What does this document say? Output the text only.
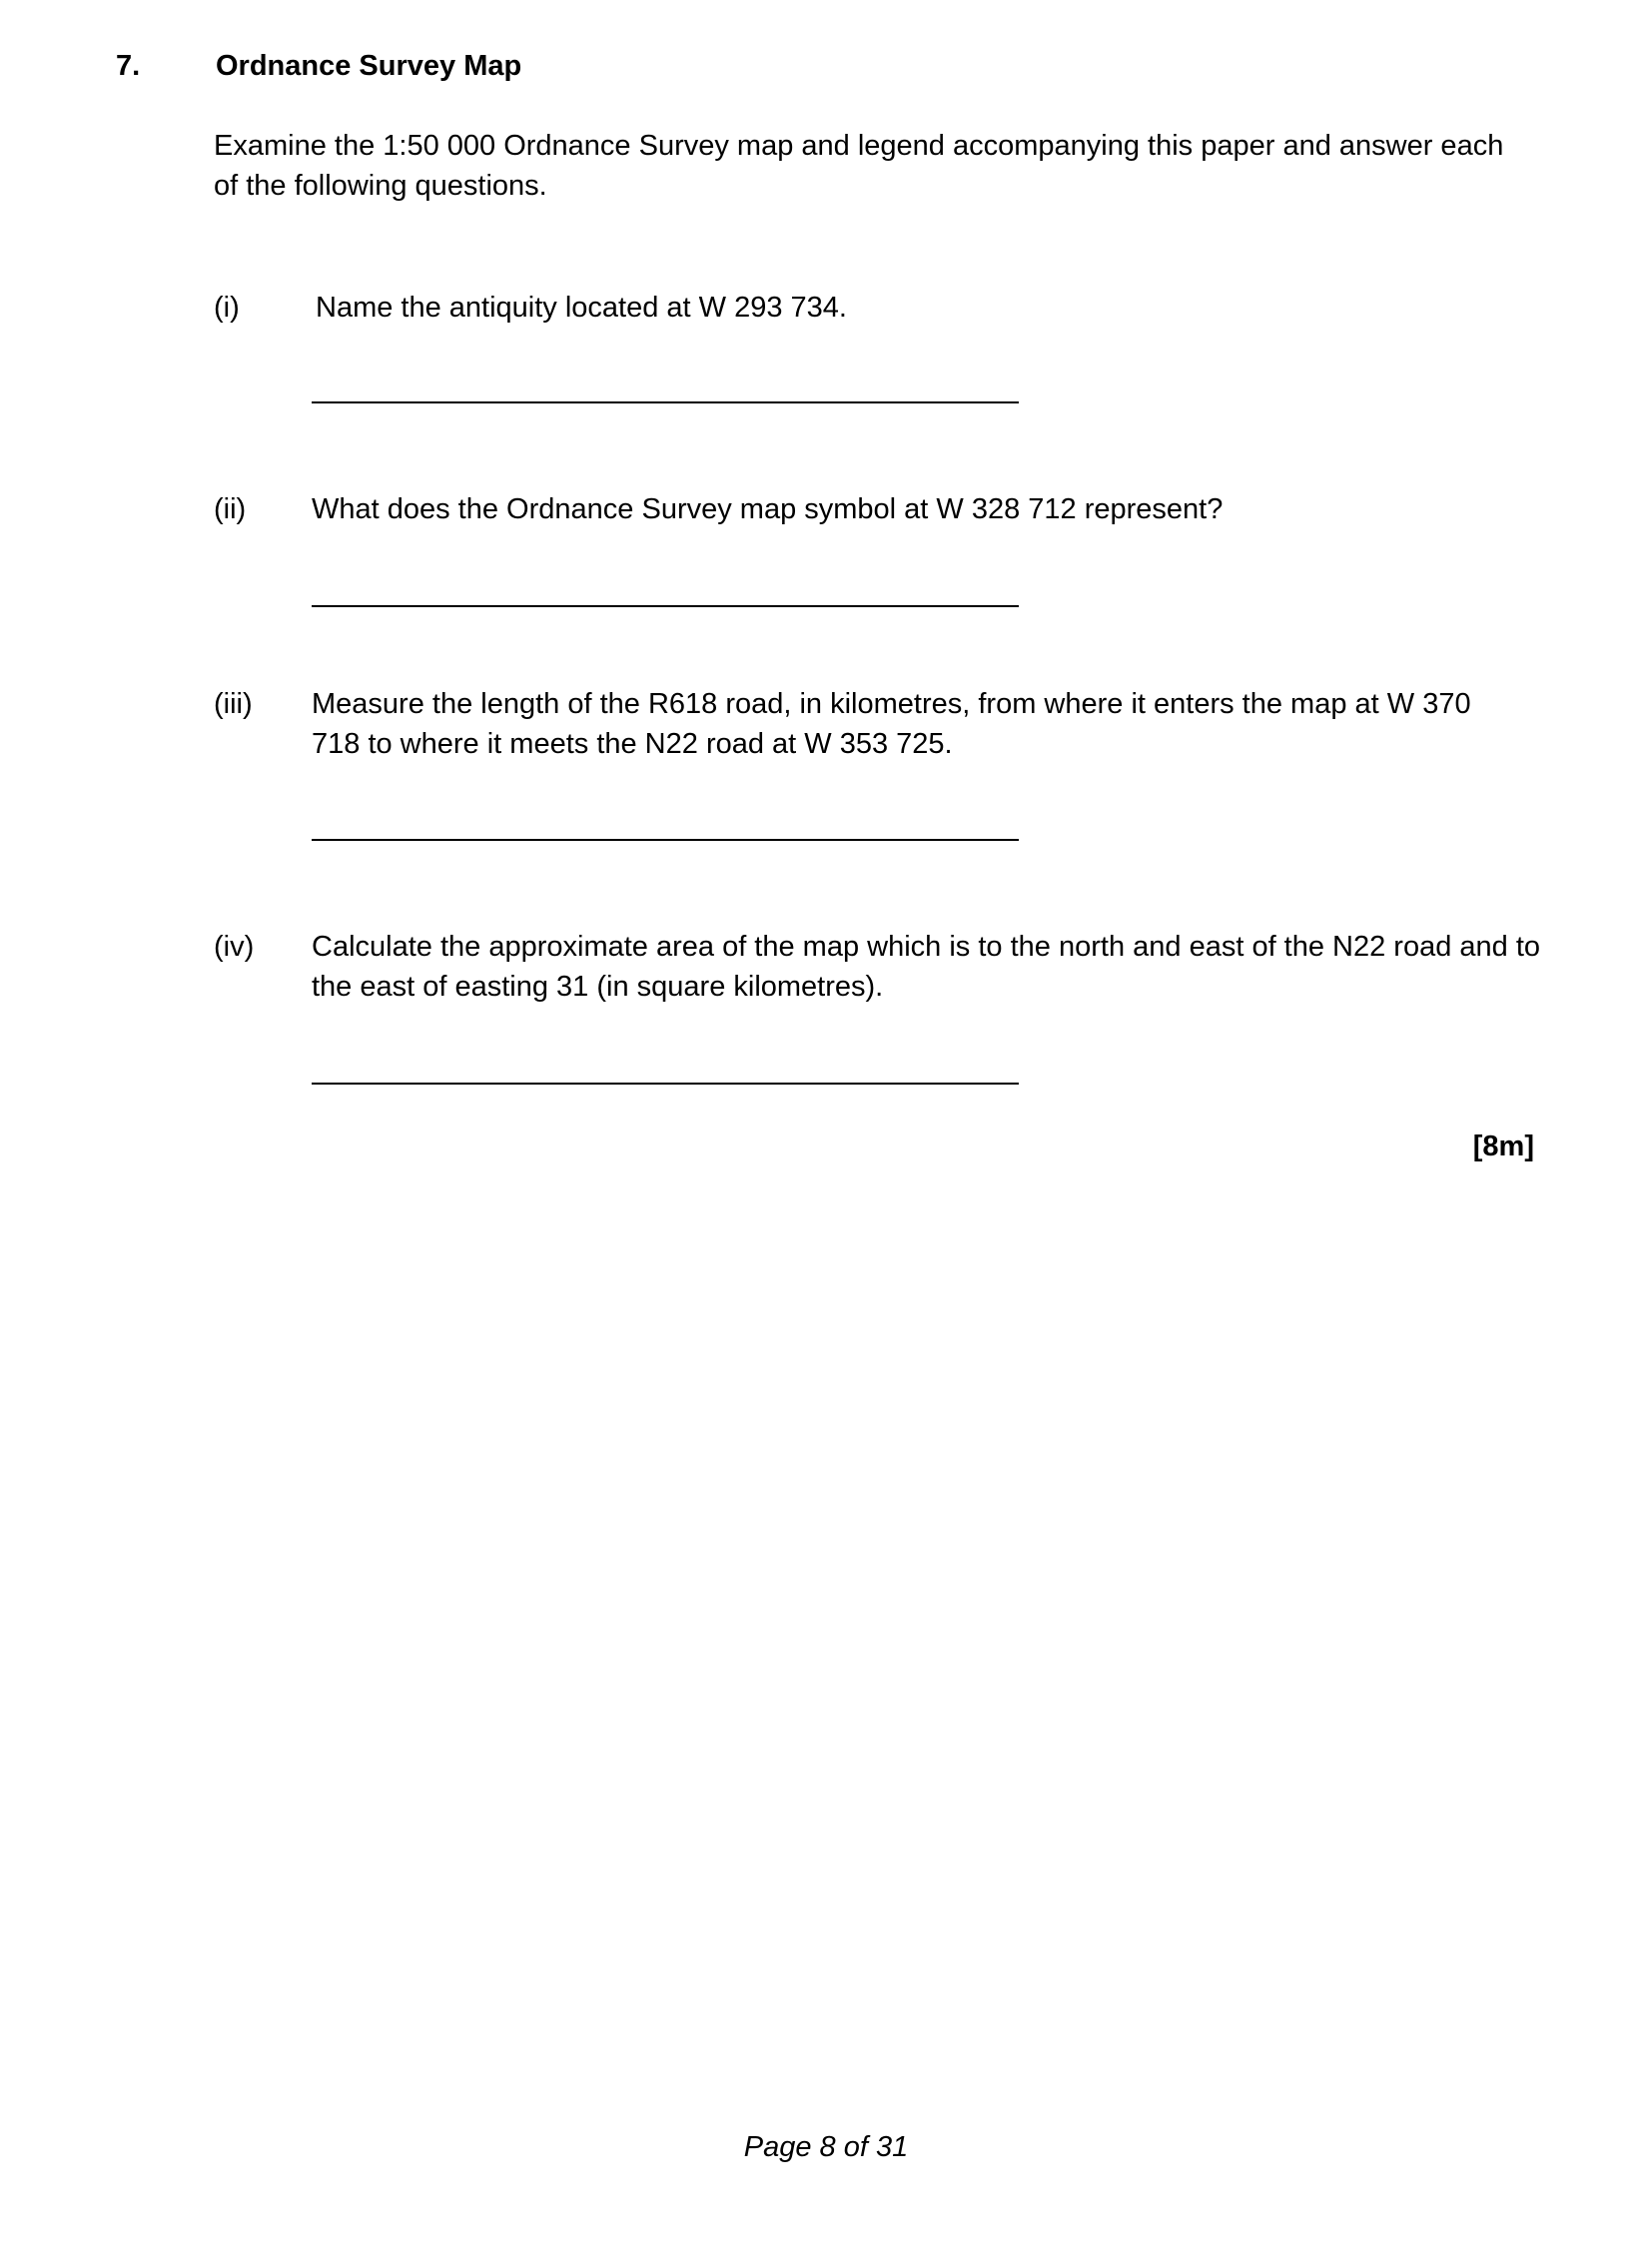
7.	Ordnance Survey Map
Examine the 1:50 000 Ordnance Survey map and legend accompanying this paper and answer each of the following questions.
(i)	Name the antiquity located at W 293 734.
(ii) What does the Ordnance Survey map symbol at W 328 712 represent?
(iii) Measure the length of the R618 road, in kilometres, from where it enters the map at W 370 718 to where it meets the N22 road at W 353 725.
(iv) Calculate the approximate area of the map which is to the north and east of the N22 road and to the east of easting 31 (in square kilometres).
[8m]
Page 8 of 31
